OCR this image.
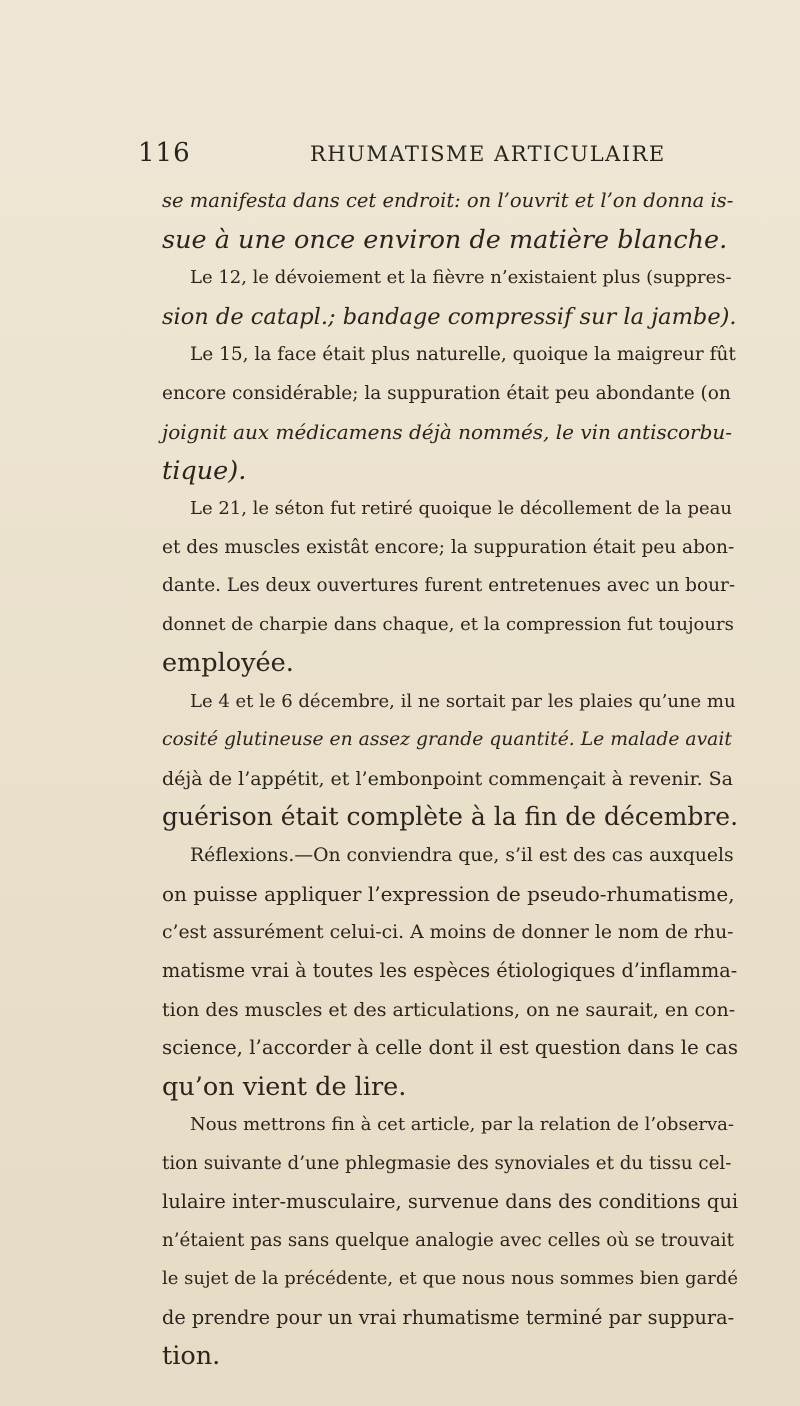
116	RHUMATISME ARTICULAIRE
se manifesta dans cet endroit: on l’ouvrit et l’on donna is-
sue à une once environ de matière blanche.
Le 12, le dévoiement et la fièvre n’existaient plus (suppres-
sion de catapl.; bandage compressif sur la jambe).
Le 15, la face était plus naturelle, quoique la maigreur fût
encore considérable; la suppuration était peu abondante (on
joignit aux médicamens déjà nommés, le vin antiscorbu-
tique).
Le 21, le séton fut retiré quoique le décollement de la peau
et des muscles existât encore; la suppuration était peu abon-
dante. Les deux ouvertures furent entretenues avec un bour-
donnet de charpie dans chaque, et la compression fut toujours
employée.
Le 4 et le 6 décembre, il ne sortait par les plaies qu’une mu
cosité glutineuse en assez grande quantité. Le malade avait
déjà de l’appétit, et l’embonpoint commençait à revenir. Sa
guérison était complète à la fin de décembre.
Réflexions.—On conviendra que, s’il est des cas auxquels
on puisse appliquer l’expression de pseudo-rhumatisme,
c’est assurément celui-ci. A moins de donner le nom de rhu-
matisme vrai à toutes les espèces étiologiques d’inflamma-
tion des muscles et des articulations, on ne saurait, en con-
science, l’accorder à celle dont il est question dans le cas
qu’on vient de lire.
Nous mettrons fin à cet article, par la relation de l’observa-
tion suivante d’une phlegmasie des synoviales et du tissu cel-
lulaire inter-musculaire, survenue dans des conditions qui
n’étaient pas sans quelque analogie avec celles où se trouvait
le sujet de la précédente, et que nous nous sommes bien gardé
de prendre pour un vrai rhumatisme terminé par suppura-
tion.
